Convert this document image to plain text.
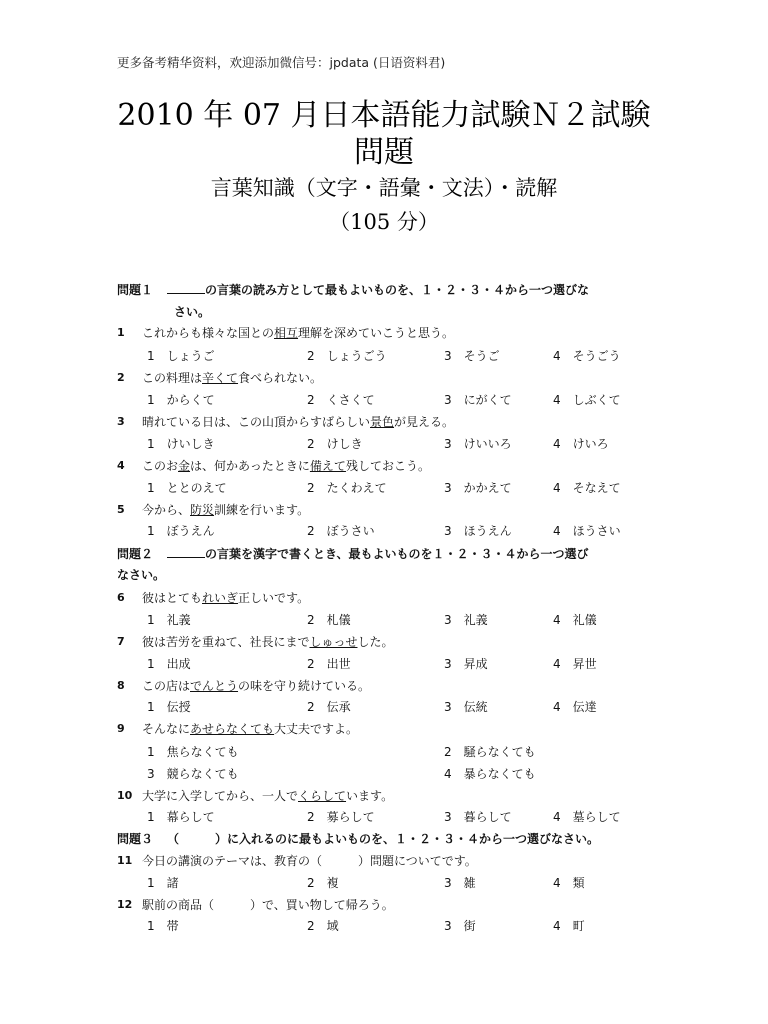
更多备考精华资料，欢迎添加微信号：jpdata (日语资料君)
2010 年 07 月日本語能力試験Ｎ２試験
問題
言葉知識（文字・語彙・文法）・読解
（105 分）
問題１	の言葉の読み方として最もよいものを、１・２・３・４から一つ選びな
さい。
1 これからも様々な国との相互理解を深めていこうと思う。
1　しょうご	2　しょうごう	3　そうご	4　そうごう
2 この料理は辛くて食べられない。
1　からくて	2　くさくて	3　にがくて	4　しぶくて
3 晴れている日は、この山頂からすばらしい景色が見える。
1　けいしき	2　けしき	3　けいいろ	4　けいろ
4 このお金は、何かあったときに備えて残しておこう。
1　ととのえて	2　たくわえて	3　かかえて	4　そなえて
5 今から、防災訓練を行います。
1　ぼうえん	2　ぼうさい	3　ほうえん	4　ほうさい
問題２	の言葉を漢字で書くとき、最もよいものを１・２・３・４から一つ選び
なさい。
6 彼はとてもれいぎ正しいです。
1　礼義	2　札儀	3　礼義	4　礼儀
7 彼は苦労を重ねて、社長にまでしゅっせした。
1　出成	2　出世	3　昇成	4　昇世
8 この店はでんとうの味を守り続けている。
1　伝授	2　伝承	3　伝統	4　伝達
9 そんなにあせらなくても大丈夫ですよ。
1　焦らなくても	2　騒らなくても
3　競らなくても	4　暴らなくても
10 大学に入学してから、一人でくらしています。
1　幕らして	2　募らして	3　暮らして	4　墓らして
問題３ （　　　）に入れるのに最もよいものを、１・２・３・４から一つ選びなさい。
11 今日の講演のテーマは、教育の（　　　）問題についてです。
1　諸	2　複	3　雑	4　類
12 駅前の商品（　　　）で、買い物して帰ろう。
1　帯	2　域	3　街	4　町
